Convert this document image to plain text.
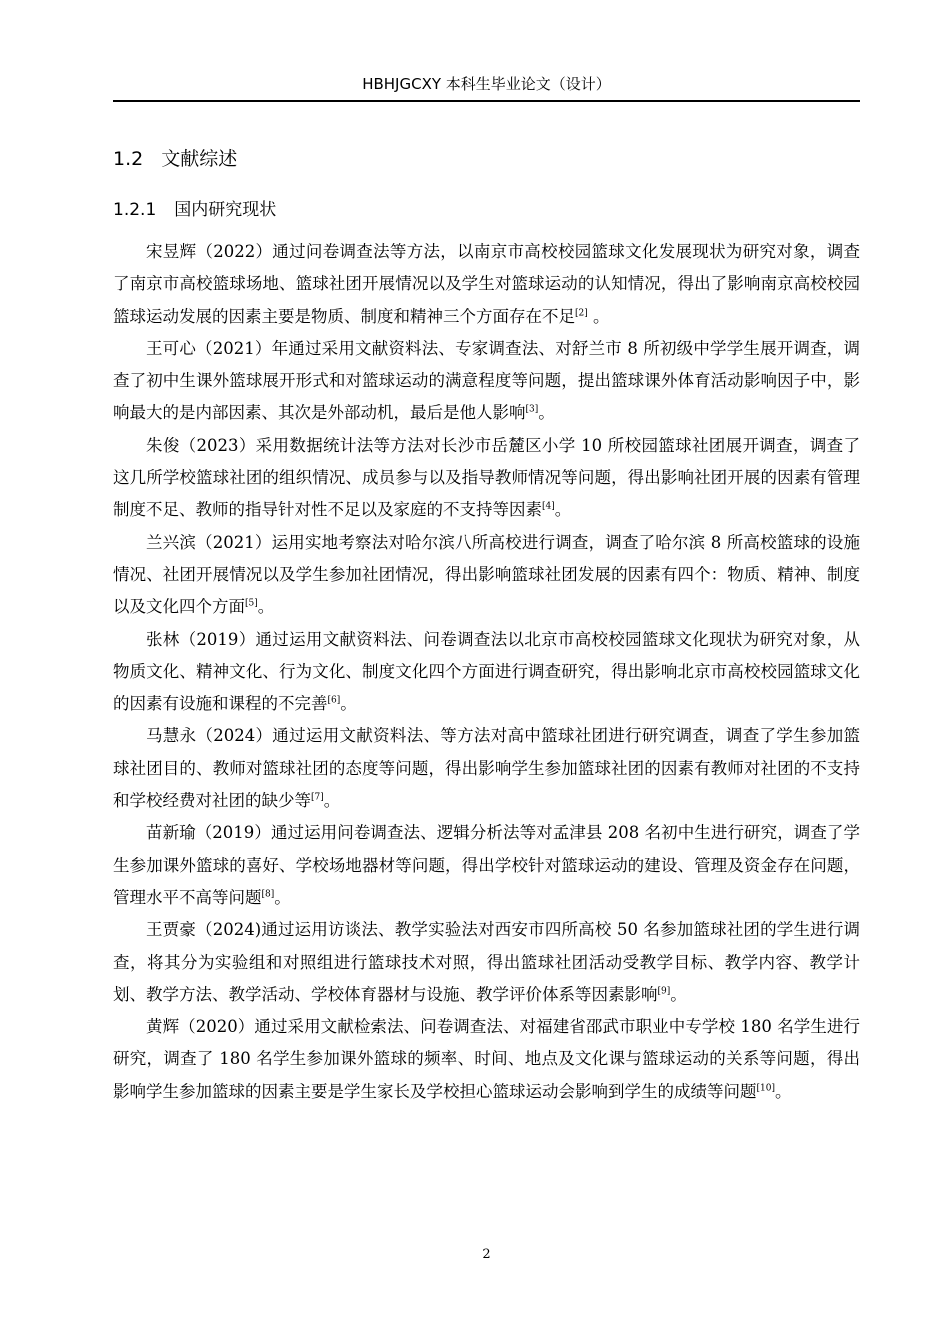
HBHJGCXY 本科生毕业论文（设计）
1.2 文献综述
1.2.1 国内研究现状

宋昱辉（2022）通过问卷调查法等方法，以南京市高校校园篮球文化发展现状为研究对象，调查了南京市高校篮球场地、篮球社团开展情况以及学生对篮球运动的认知情况，得出了影响南京高校校园篮球运动发展的因素主要是物质、制度和精神三个方面存在不足[2] 。

王可心（2021）年通过采用文献资料法、专家调查法、对舒兰市 8 所初级中学学生展开调查，调查了初中生课外篮球展开形式和对篮球运动的满意程度等问题，提出篮球课外体育活动影响因子中，影响最大的是内部因素、其次是外部动机，最后是他人影响[3]。

朱俊（2023）采用数据统计法等方法对长沙市岳麓区小学 10 所校园篮球社团展开调查，调查了这几所学校篮球社团的组织情况、成员参与以及指导教师情况等问题，得出影响社团开展的因素有管理制度不足、教师的指导针对性不足以及家庭的不支持等因素[4]。

兰兴滨（2021）运用实地考察法对哈尔滨八所高校进行调查，调查了哈尔滨 8 所高校篮球的设施情况、社团开展情况以及学生参加社团情况，得出影响篮球社团发展的因素有四个：物质、精神、制度以及文化四个方面[5]。

张林（2019）通过运用文献资料法、问卷调查法以北京市高校校园篮球文化现状为研究对象，从物质文化、精神文化、行为文化、制度文化四个方面进行调查研究，得出影响北京市高校校园篮球文化的因素有设施和课程的不完善[6]。

马慧永（2024）通过运用文献资料法、等方法对高中篮球社团进行研究调查，调查了学生参加篮球社团目的、教师对篮球社团的态度等问题，得出影响学生参加篮球社团的因素有教师对社团的不支持和学校经费对社团的缺少等[7]。

苗新瑜（2019）通过运用问卷调查法、逻辑分析法等对孟津县 208 名初中生进行研究，调查了学生参加课外篮球的喜好、学校场地器材等问题，得出学校针对篮球运动的建设、管理及资金存在问题，管理水平不高等问题[8]。

王贾豪（2024)通过运用访谈法、教学实验法对西安市四所高校 50 名参加篮球社团的学生进行调查，将其分为实验组和对照组进行篮球技术对照，得出篮球社团活动受教学目标、教学内容、教学计划、教学方法、教学活动、学校体育器材与设施、教学评价体系等因素影响[9]。

黄辉（2020）通过采用文献检索法、问卷调查法、对福建省邵武市职业中专学校 180 名学生进行研究，调查了 180 名学生参加课外篮球的频率、时间、地点及文化课与篮球运动的关系等问题，得出影响学生参加篮球的因素主要是学生家长及学校担心篮球运动会影响到学生的成绩等问题[10]。

2
